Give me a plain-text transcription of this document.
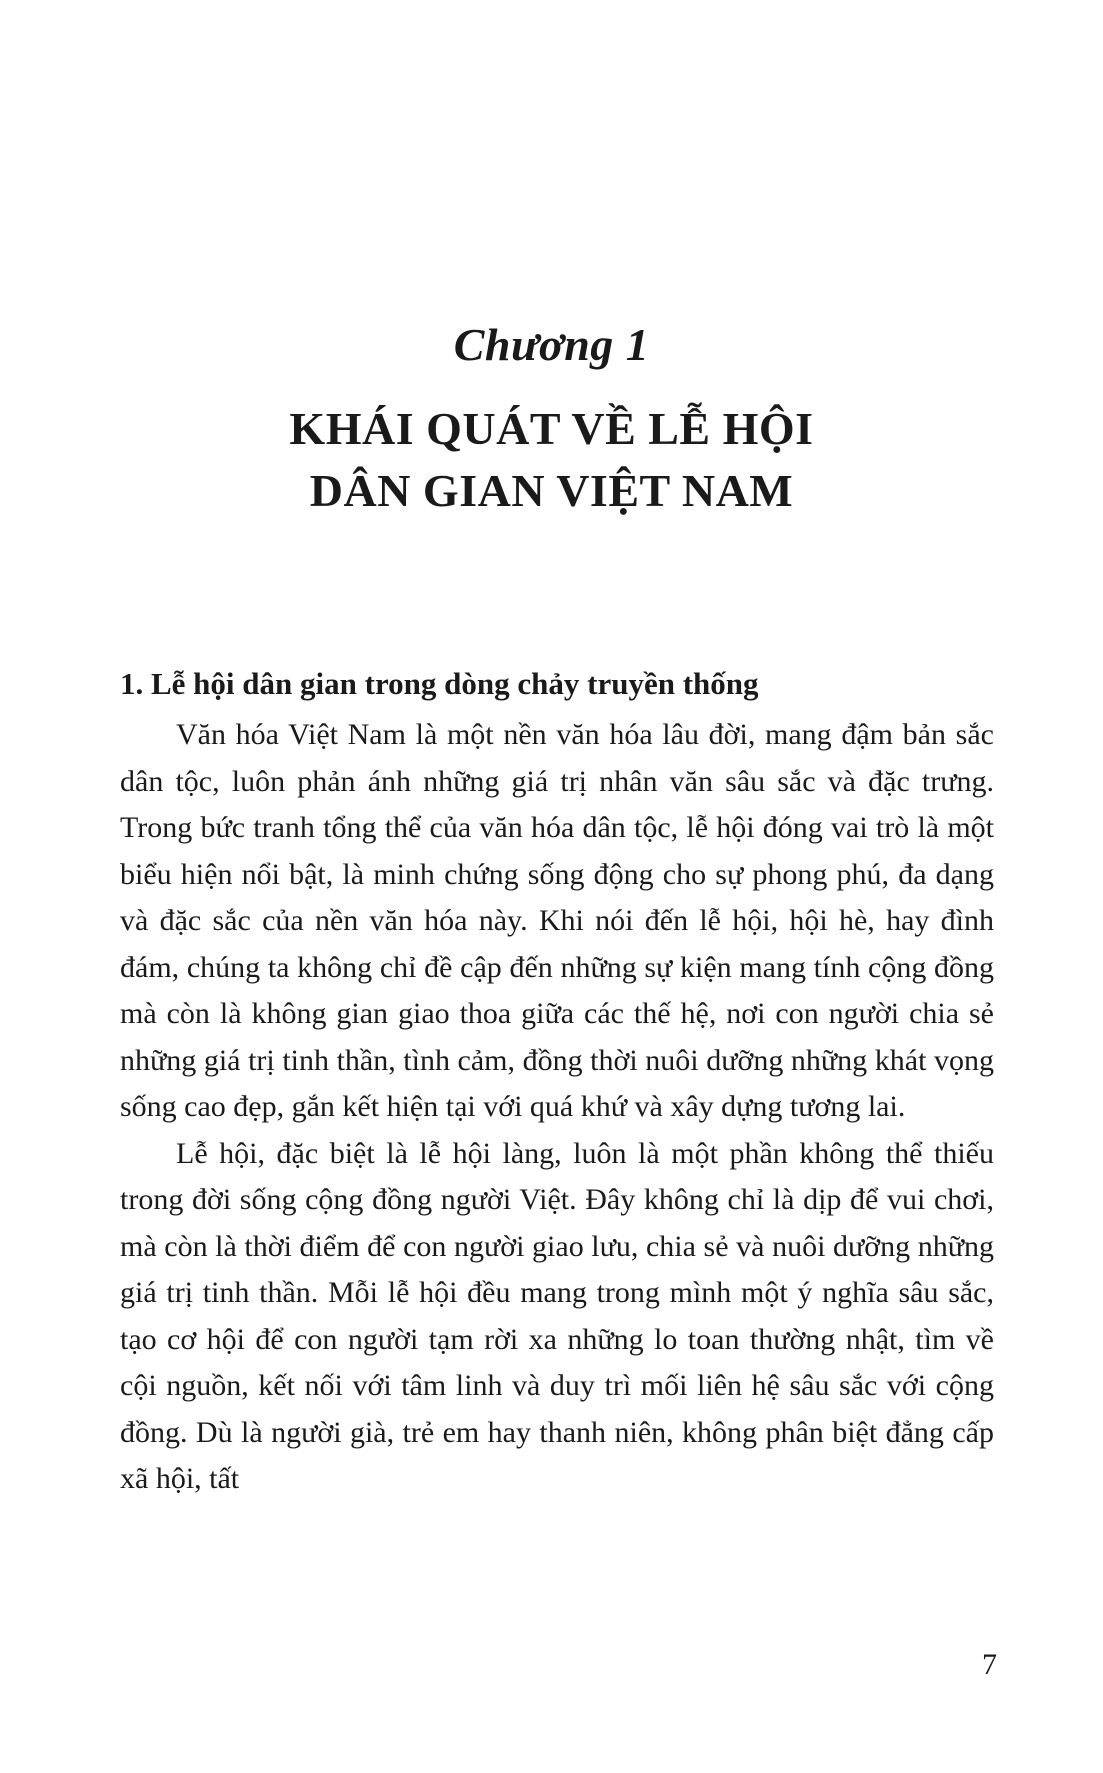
Chương 1
KHÁI QUÁT VỀ LỄ HỘI
DÂN GIAN VIỆT NAM
1. Lễ hội dân gian trong dòng chảy truyền thống

Văn hóa Việt Nam là một nền văn hóa lâu đời, mang đậm bản sắc dân tộc, luôn phản ánh những giá trị nhân văn sâu sắc và đặc trưng. Trong bức tranh tổng thể của văn hóa dân tộc, lễ hội đóng vai trò là một biểu hiện nổi bật, là minh chứng sống động cho sự phong phú, đa dạng và đặc sắc của nền văn hóa này. Khi nói đến lễ hội, hội hè, hay đình đám, chúng ta không chỉ đề cập đến những sự kiện mang tính cộng đồng mà còn là không gian giao thoa giữa các thế hệ, nơi con người chia sẻ những giá trị tinh thần, tình cảm, đồng thời nuôi dưỡng những khát vọng sống cao đẹp, gắn kết hiện tại với quá khứ và xây dựng tương lai.

Lễ hội, đặc biệt là lễ hội làng, luôn là một phần không thể thiếu trong đời sống cộng đồng người Việt. Đây không chỉ là dịp để vui chơi, mà còn là thời điểm để con người giao lưu, chia sẻ và nuôi dưỡng những giá trị tinh thần. Mỗi lễ hội đều mang trong mình một ý nghĩa sâu sắc, tạo cơ hội để con người tạm rời xa những lo toan thường nhật, tìm về cội nguồn, kết nối với tâm linh và duy trì mối liên hệ sâu sắc với cộng đồng. Dù là người già, trẻ em hay thanh niên, không phân biệt đẳng cấp xã hội, tất

7
